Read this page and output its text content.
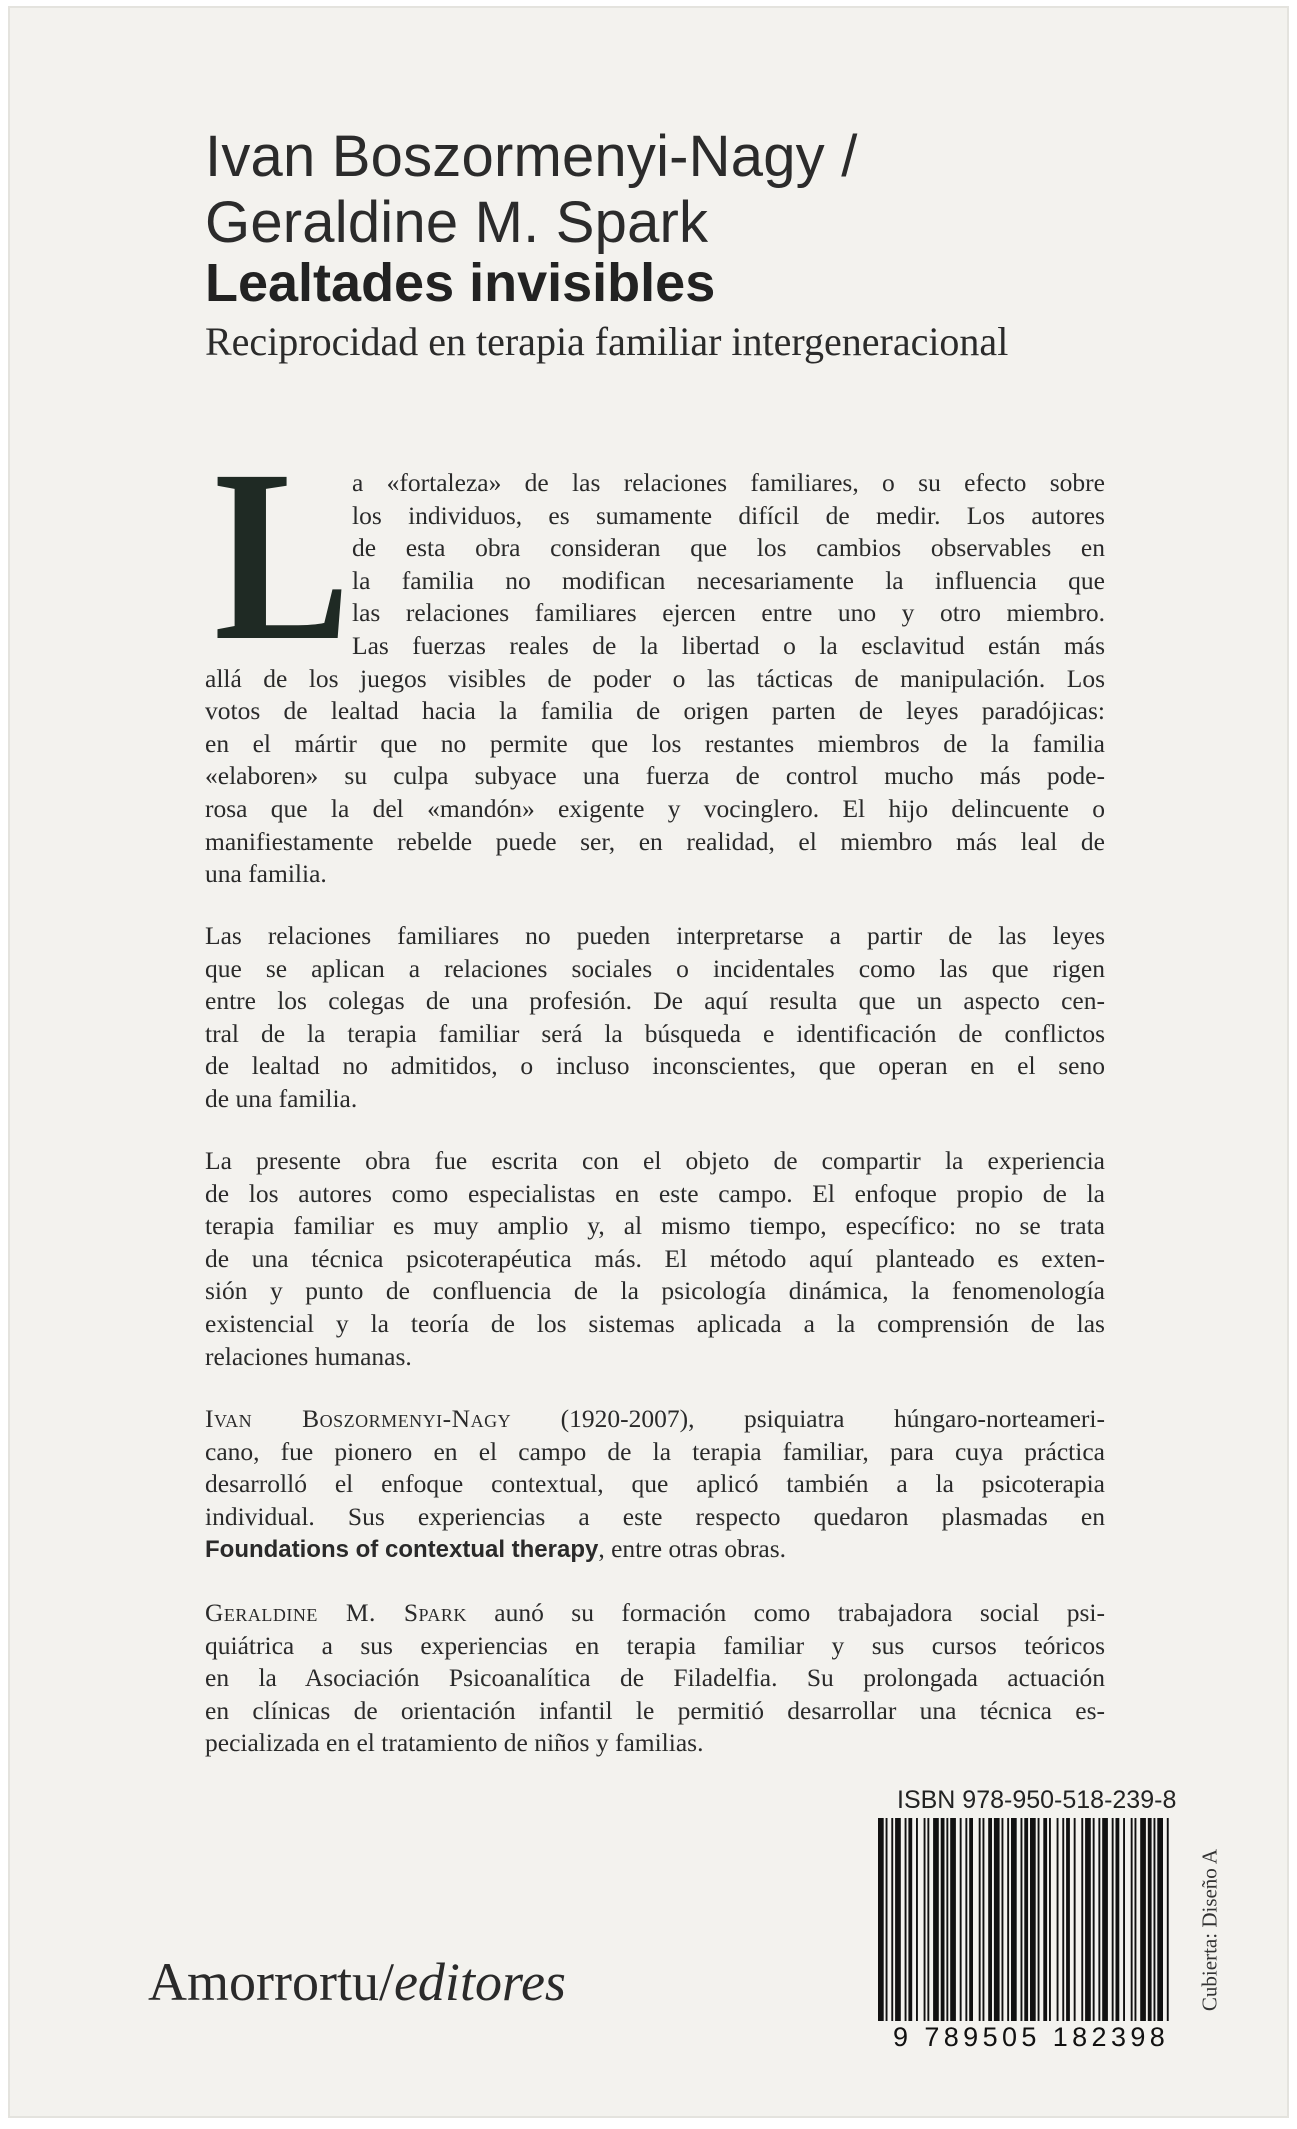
Ivan Boszormenyi-Nagy /
Geraldine M. Spark
Lealtades invisibles
Reciprocidad en terapia familiar intergeneracional
L a «fortaleza» de las relaciones familiares, o su efecto sobre
los individuos, es sumamente difícil de medir. Los autores
de esta obra consideran que los cambios observables en
la familia no modifican necesariamente la influencia que
las relaciones familiares ejercen entre uno y otro miembro.
Las fuerzas reales de la libertad o la esclavitud están más
allá de los juegos visibles de poder o las tácticas de manipulación. Los
votos de lealtad hacia la familia de origen parten de leyes paradójicas:
en el mártir que no permite que los restantes miembros de la familia
«elaboren» su culpa subyace una fuerza de control mucho más pode-
rosa que la del «mandón» exigente y vocinglero. El hijo delincuente o
manifiestamente rebelde puede ser, en realidad, el miembro más leal de
una familia.
Las relaciones familiares no pueden interpretarse a partir de las leyes
que se aplican a relaciones sociales o incidentales como las que rigen
entre los colegas de una profesión. De aquí resulta que un aspecto cen-
tral de la terapia familiar será la búsqueda e identificación de conflictos
de lealtad no admitidos, o incluso inconscientes, que operan en el seno
de una familia.
La presente obra fue escrita con el objeto de compartir la experiencia
de los autores como especialistas en este campo. El enfoque propio de la
terapia familiar es muy amplio y, al mismo tiempo, específico: no se trata
de una técnica psicoterapéutica más. El método aquí planteado es exten-
sión y punto de confluencia de la psicología dinámica, la fenomenología
existencial y la teoría de los sistemas aplicada a la comprensión de las
relaciones humanas.
Ivan Boszormenyi-Nagy (1920-2007), psiquiatra húngaro-norteameri-
cano, fue pionero en el campo de la terapia familiar, para cuya práctica
desarrolló el enfoque contextual, que aplicó también a la psicoterapia
individual. Sus experiencias a este respecto quedaron plasmadas en
Foundations of contextual therapy, entre otras obras.
Geraldine M. Spark aunó su formación como trabajadora social psi-
quiátrica a sus experiencias en terapia familiar y sus cursos teóricos
en la Asociación Psicoanalítica de Filadelfia. Su prolongada actuación
en clínicas de orientación infantil le permitió desarrollar una técnica es-
pecializada en el tratamiento de niños y familias.
ISBN 978-950-518-239-8
9 789505 182398
Cubierta: Diseño A
Amorrortu/editores
